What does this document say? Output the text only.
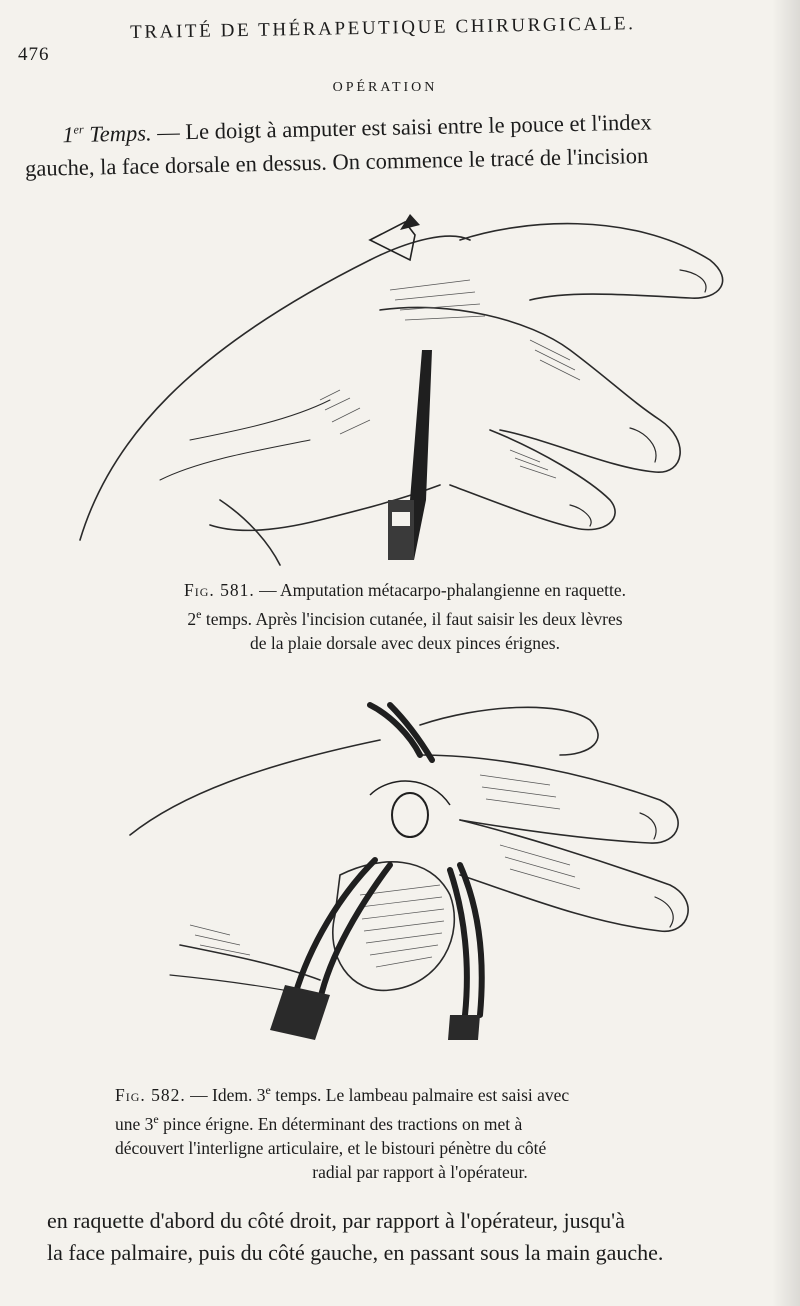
476
TRAITÉ DE THÉRAPEUTIQUE CHIRURGICALE.
OPÉRATION
1er Temps. — Le doigt à amputer est saisi entre le pouce et l'index
gauche, la face dorsale en dessus. On commence le tracé de l'incision
Fig. 581. — Amputation métacarpo-phalangienne en raquette.
2e temps. Après l'incision cutanée, il faut saisir les deux lèvres
de la plaie dorsale avec deux pinces érignes.
Fig. 582. — Idem. 3e temps. Le lambeau palmaire est saisi avec
une 3e pince érigne. En déterminant des tractions on met à
découvert l'interligne articulaire, et le bistouri pénètre du côté
radial par rapport à l'opérateur.
en raquette d'abord du côté droit, par rapport à l'opérateur, jusqu'à
la face palmaire, puis du côté gauche, en passant sous la main gauche.
